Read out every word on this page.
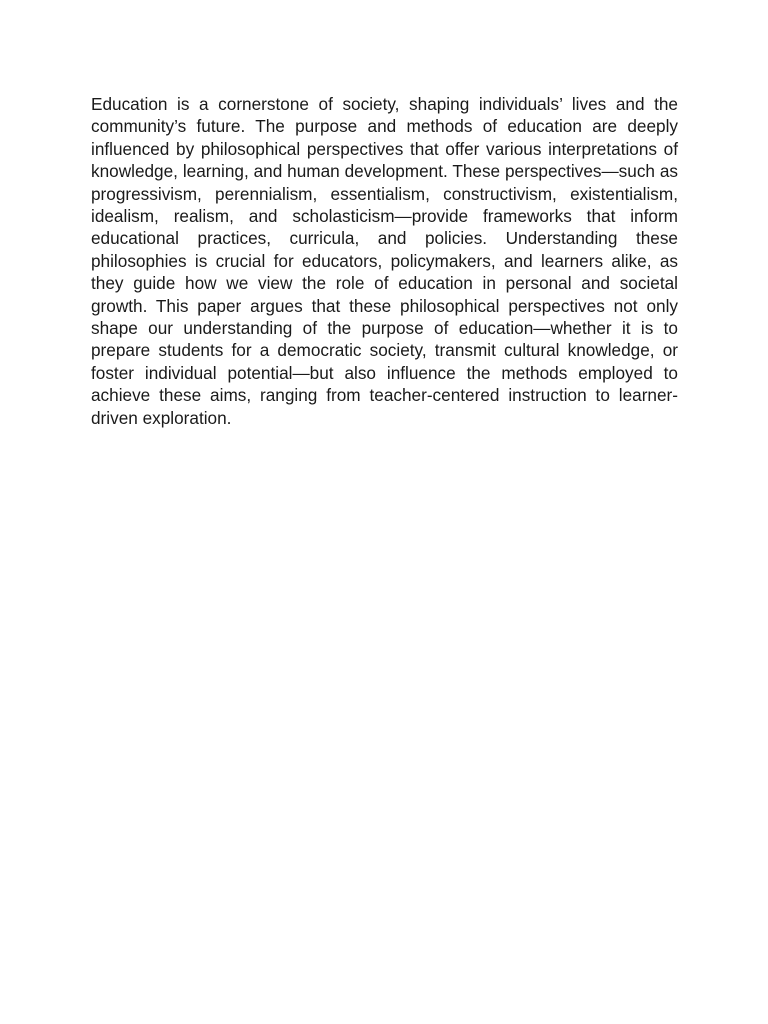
Education is a cornerstone of society, shaping individuals’ lives and the community’s future. The purpose and methods of education are deeply influenced by philosophical perspectives that offer various interpretations of knowledge, learning, and human development. These perspectives—such as progressivism, perennialism, essentialism, constructivism, existentialism, idealism, realism, and scholasticism—provide frameworks that inform educational practices, curricula, and policies. Understanding these philosophies is crucial for educators, policymakers, and learners alike, as they guide how we view the role of education in personal and societal growth. This paper argues that these philosophical perspectives not only shape our understanding of the purpose of education—whether it is to prepare students for a democratic society, transmit cultural knowledge, or foster individual potential—but also influence the methods employed to achieve these aims, ranging from teacher-centered instruction to learner-driven exploration.
